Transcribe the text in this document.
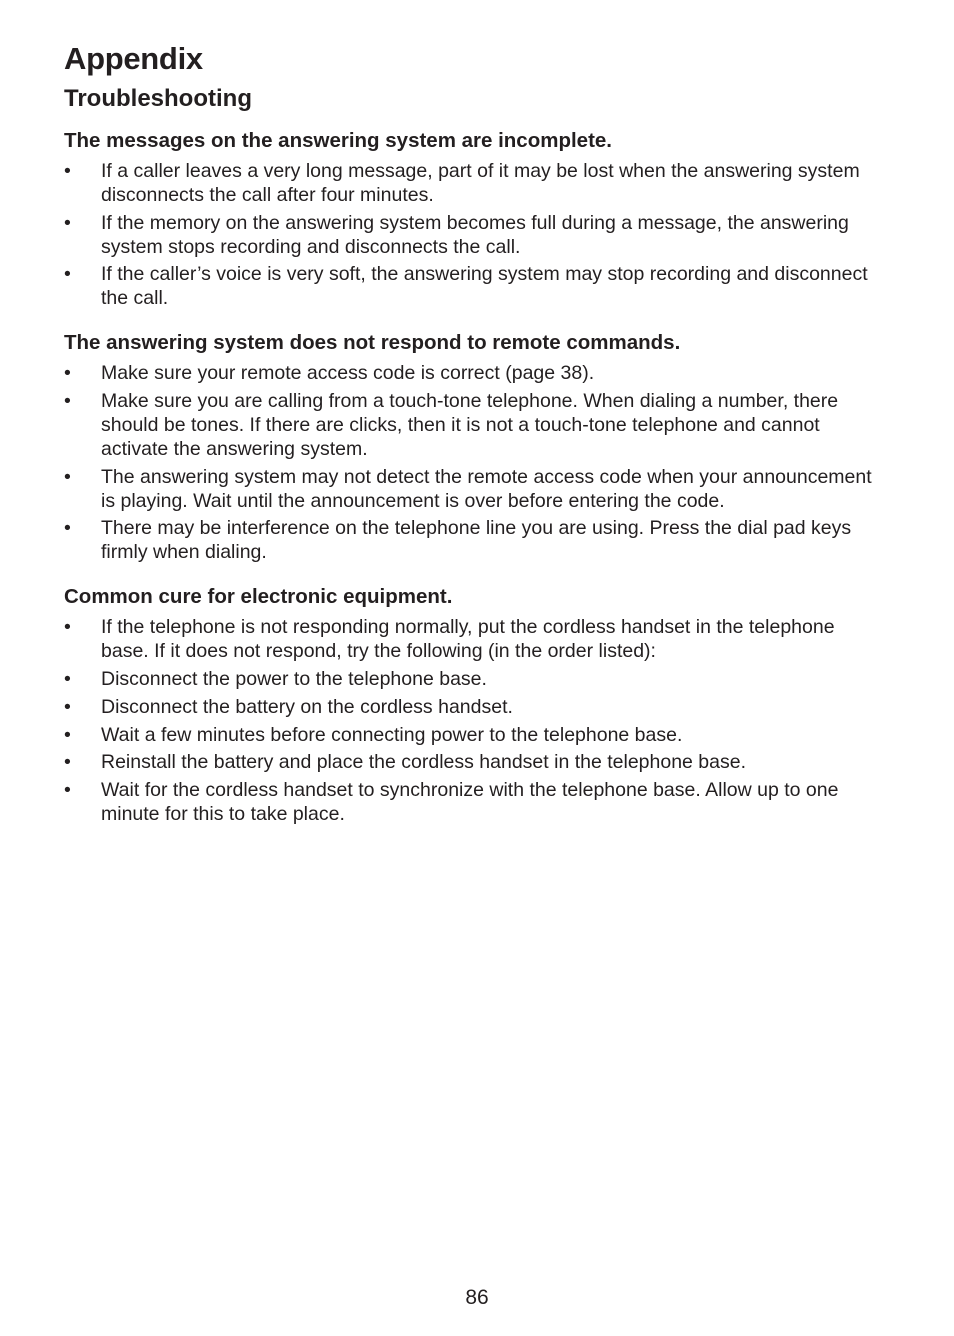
Appendix
Troubleshooting
The messages on the answering system are incomplete.
• If a caller leaves a very long message, part of it may be lost when the answering system disconnects the call after four minutes.
• If the memory on the answering system becomes full during a message, the answering system stops recording and disconnects the call.
• If the caller’s voice is very soft, the answering system may stop recording and disconnect the call.
The answering system does not respond to remote commands.
• Make sure your remote access code is correct (page 38).
• Make sure you are calling from a touch-tone telephone. When dialing a number, there should be tones. If there are clicks, then it is not a touch-tone telephone and cannot activate the answering system.
• The answering system may not detect the remote access code when your announcement is playing. Wait until the announcement is over before entering the code.
• There may be interference on the telephone line you are using. Press the dial pad keys firmly when dialing.
Common cure for electronic equipment.
• If the telephone is not responding normally, put the cordless handset in the telephone base. If it does not respond, try the following (in the order listed):
• Disconnect the power to the telephone base.
• Disconnect the battery on the cordless handset.
• Wait a few minutes before connecting power to the telephone base.
• Reinstall the battery and place the cordless handset in the telephone base.
• Wait for the cordless handset to synchronize with the telephone base. Allow up to one minute for this to take place.
86
